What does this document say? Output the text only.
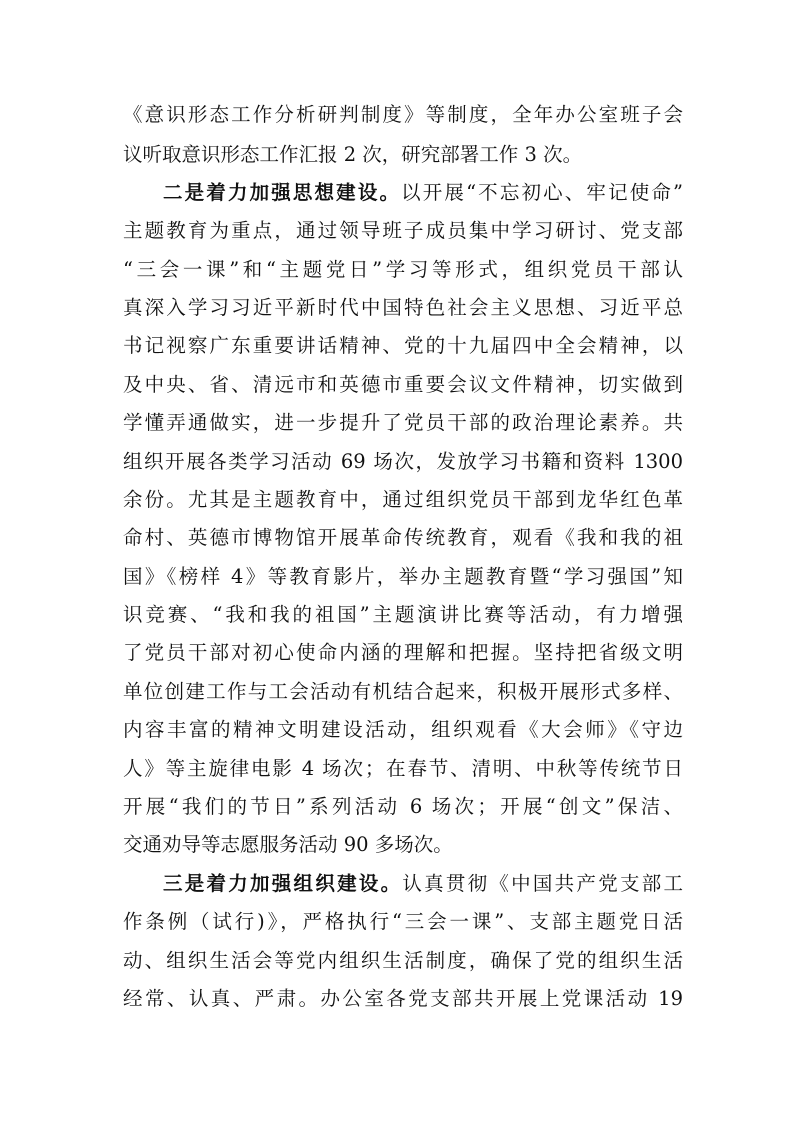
《意识形态工作分析研判制度》等制度，全年办公室班子会
议听取意识形态工作汇报 2 次，研究部署工作 3 次。
二是着力加强思想建设。以开展“不忘初心、牢记使命”
主题教育为重点，通过领导班子成员集中学习研讨、党支部
“三会一课”和“主题党日”学习等形式，组织党员干部认
真深入学习习近平新时代中国特色社会主义思想、习近平总
书记视察广东重要讲话精神、党的十九届四中全会精神，以
及中央、省、清远市和英德市重要会议文件精神，切实做到
学懂弄通做实，进一步提升了党员干部的政治理论素养。共
组织开展各类学习活动 69 场次，发放学习书籍和资料 1300
余份。尤其是主题教育中，通过组织党员干部到龙华红色革
命村、英德市博物馆开展革命传统教育，观看《我和我的祖
国》《榜样 4》等教育影片，举办主题教育暨“学习强国”知
识竞赛、“我和我的祖国”主题演讲比赛等活动，有力增强
了党员干部对初心使命内涵的理解和把握。坚持把省级文明
单位创建工作与工会活动有机结合起来，积极开展形式多样、
内容丰富的精神文明建设活动，组织观看《大会师》《守边
人》等主旋律电影 4 场次；在春节、清明、中秋等传统节日
开展“我们的节日”系列活动 6 场次；开展“创文”保洁、
交通劝导等志愿服务活动 90 多场次。
三是着力加强组织建设。认真贯彻《中国共产党支部工
作条例（试行)》，严格执行“三会一课”、支部主题党日活
动、组织生活会等党内组织生活制度，确保了党的组织生活
经常、认真、严肃。办公室各党支部共开展上党课活动 19
